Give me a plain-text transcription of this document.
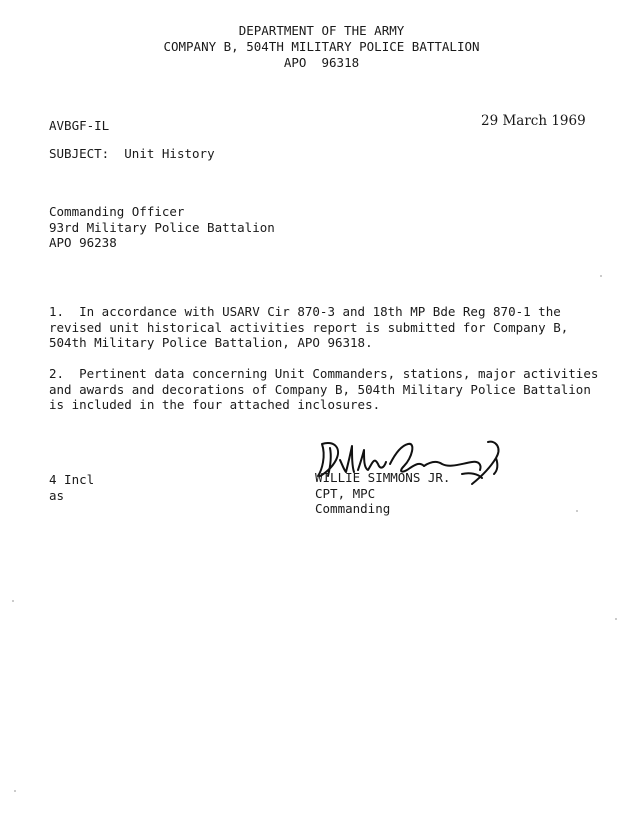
DEPARTMENT OF THE ARMY
COMPANY B, 504TH MILITARY POLICE BATTALION
APO  96318
AVBGF-IL	29 March 1969
SUBJECT: Unit History
Commanding Officer
93rd Military Police Battalion
APO 96238
1.  In accordance with USARV Cir 870-3 and 18th MP Bde Reg 870-1 the
revised unit historical activities report is submitted for Company B,
504th Military Police Battalion, APO 96318.
2.  Pertinent data concerning Unit Commanders, stations, major activities
and awards and decorations of Company B, 504th Military Police Battalion
is included in the four attached inclosures.
WILLIE SIMMONS JR.
CPT, MPC
Commanding
4 Incl
as
